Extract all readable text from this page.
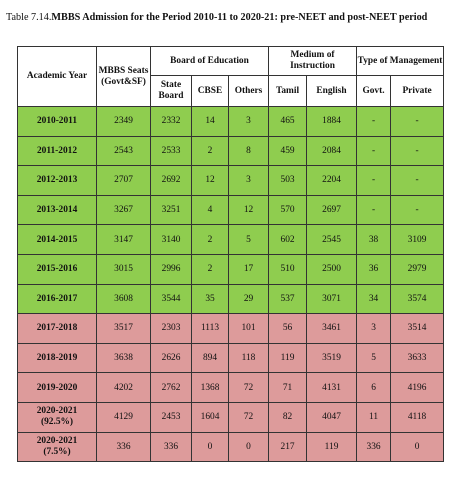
Table 7.14.MBBS Admission for the Period 2010-11 to 2020-21: pre-NEET and post-NEET period
Academic Year	MBBS Seats (Govt&SF)	Board of Education			Medium of Instruction		Type of Management	
		State Board	CBSE	Others	Tamil	English	Govt.	Private
2010-2011	2349	2332	14	3	465	1884	-	-
2011-2012	2543	2533	2	8	459	2084	-	-
2012-2013	2707	2692	12	3	503	2204	-	-
2013-2014	3267	3251	4	12	570	2697	-	-
2014-2015	3147	3140	2	5	602	2545	38	3109
2015-2016	3015	2996	2	17	510	2500	36	2979
2016-2017	3608	3544	35	29	537	3071	34	3574
2017-2018	3517	2303	1113	101	56	3461	3	3514
2018-2019	3638	2626	894	118	119	3519	5	3633
2019-2020	4202	2762	1368	72	71	4131	6	4196
2020-2021
(92.5%)	4129	2453	1604	72	82	4047	11	4118
2020-2021
(7.5%)	336	336	0	0	217	119	336	0
